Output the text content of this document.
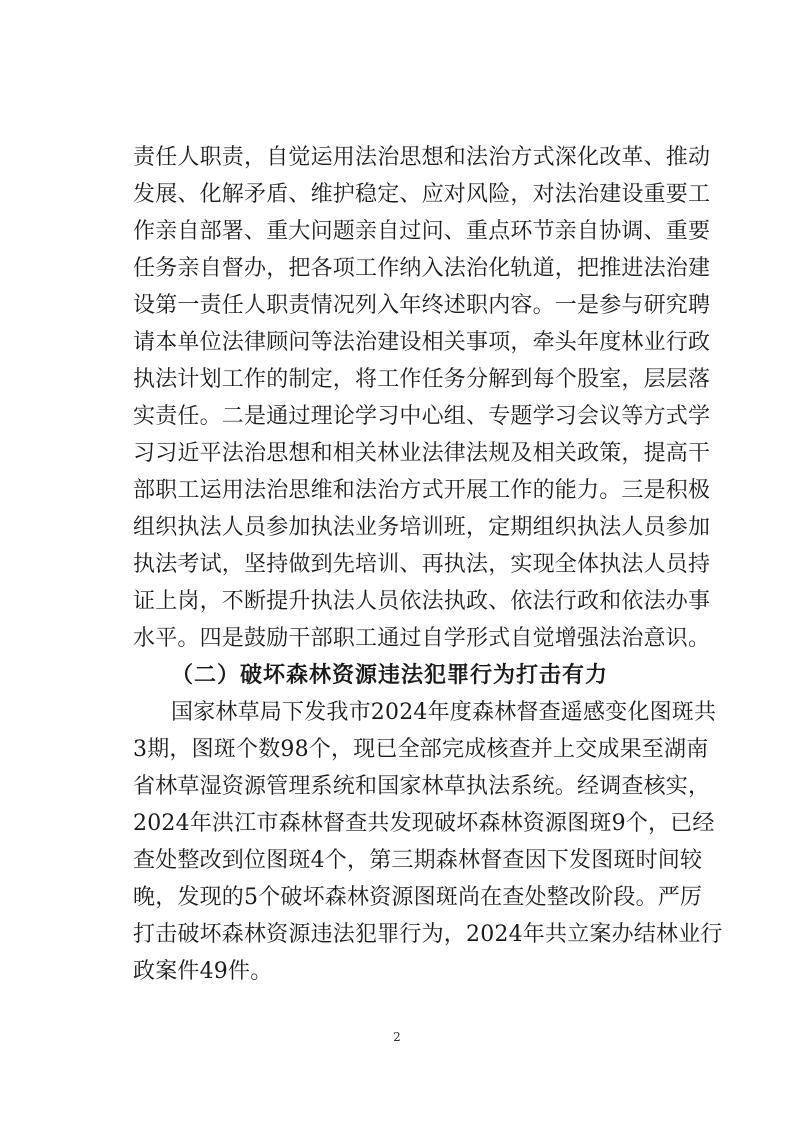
责任人职责，自觉运用法治思想和法治方式深化改革、推动
发展、化解矛盾、维护稳定、应对风险，对法治建设重要工
作亲自部署、重大问题亲自过问、重点环节亲自协调、重要
任务亲自督办，把各项工作纳入法治化轨道，把推进法治建
设第一责任人职责情况列入年终述职内容。一是参与研究聘
请本单位法律顾问等法治建设相关事项，牵头年度林业行政
执法计划工作的制定，将工作任务分解到每个股室，层层落
实责任。二是通过理论学习中心组、专题学习会议等方式学
习习近平法治思想和相关林业法律法规及相关政策，提高干
部职工运用法治思维和法治方式开展工作的能力。三是积极
组织执法人员参加执法业务培训班，定期组织执法人员参加
执法考试，坚持做到先培训、再执法，实现全体执法人员持
证上岗，不断提升执法人员依法执政、依法行政和依法办事
水平。四是鼓励干部职工通过自学形式自觉增强法治意识。
（二）破坏森林资源违法犯罪行为打击有力
国家林草局下发我市2024年度森林督查遥感变化图斑共
3期，图斑个数98个，现已全部完成核查并上交成果至湖南
省林草湿资源管理系统和国家林草执法系统。经调查核实，
2024年洪江市森林督查共发现破坏森林资源图斑9个，已经
查处整改到位图斑4个，第三期森林督查因下发图斑时间较
晚，发现的5个破坏森林资源图斑尚在查处整改阶段。严厉
打击破坏森林资源违法犯罪行为，2024年共立案办结林业行
政案件49件。
2
